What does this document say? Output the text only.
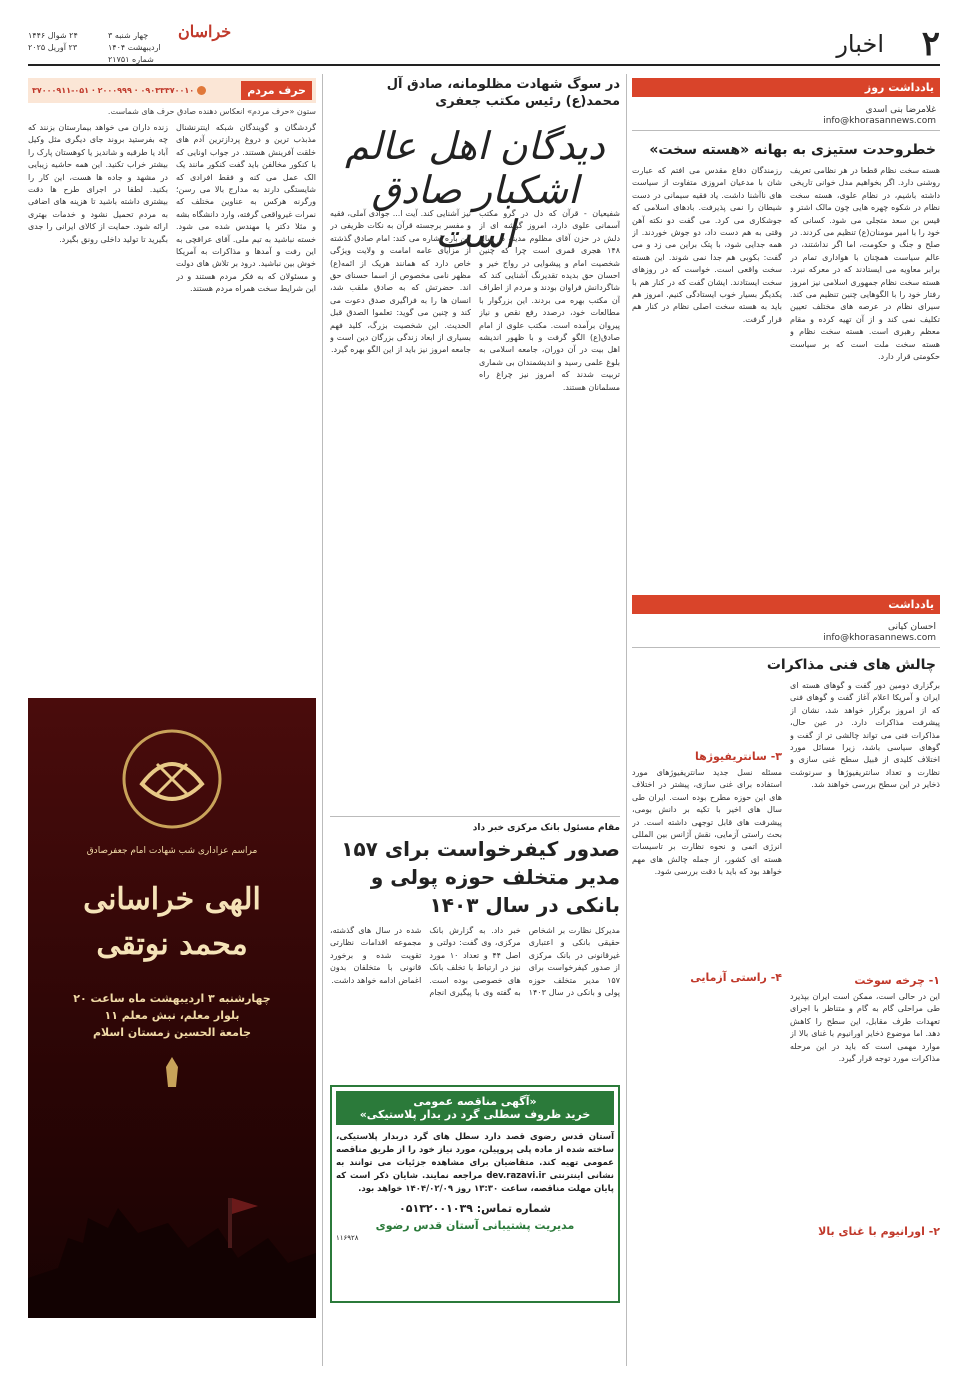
۲
اخبار
خراسان
چهار شنبه ۳ اردیبهشت ۱۴۰۴
شماره ۲۱۷۵۱
۲۴ شوال ۱۴۴۶
۲۳ آوریل ۲۰۲۵
یادداشت روز
غلامرضا بنی اسدی
info@khorasannews.com
خطروحدت ستیزی به بهانه «هسته سخت»
هسته سخت نظام قطعا در هر نظامی تعریف روشنی دارد. اگر بخواهیم مدل خوانی تاریخی داشته باشیم، در نظام علوی، هسته سخت نظام در شکوه چهره هایی چون مالک اشتر و قیس بن سعد متجلی می شود. کسانی که خود را با امیر مومنان(ع) تنظیم می کردند. در صلح و جنگ و حکومت، اما اگر نداشتند، در عالم سیاست همچنان با هواداری تمام در برابر معاویه می ایستادند که در معرکه نبرد. هسته سخت نظام جمهوری اسلامی نیز امروز رفتار خود را با الگوهایی چنین تنظیم می کند. سیرای نظام در عرصه های مختلف تعیین تکلیف نمی کند و از آن تهیه کرده و مقام معظم رهبری است. هسته سخت نظام و هسته سخت ملت است که بر سیاست حکومتی قرار دارد.
رزمندگان دفاع مقدس می افتم که عبارت شان با مدعیان امروزی متفاوت از سیاست های ناآشنا داشت. یاد فقیه سیمانی در دست شیطان را نمی پذیرفت. بادهای اسلامی که جوشکاری می کرد. می گفت دو نکته آهن وقتی به هم دست داد، دو جوش خوردند. از همه جدایی شود، با پتک براین می زد و می گفت: بکوبی هم جدا نمی شوند. این هسته سخت واقعی است. خواست که در روزهای سخت ایستادند. ایشان گفت که در کنار هم با یکدیگر بسیار خوب ایستادگی کنیم. امروز هم باید به هسته سخت اصلی نظام در کنار هم قرار گرفت.
یادداشت
احسان کیانی
info@khorasannews.com
چالش های فنی مذاکرات
برگزاری دومین دور گفت و گوهای هسته ای ایران و آمریکا اعلام آغاز گفت و گوهای فنی که از امروز برگزار خواهد شد، نشان از پیشرفت مذاکرات دارد. در عین حال، مذاکرات فنی می تواند چالشی تر از گفت و گوهای سیاسی باشد، زیرا مسائل مورد اختلاف کلیدی از قبیل سطح غنی سازی و نظارت و تعداد سانتریفیوژها و سرنوشت ذخایر در این سطح بررسی خواهند شد.
۱- چرخه سوخت
این در حالی است، ممکن است ایران بپذیرد طی مراحلی گام به گام و متناظر با اجرای تعهدات طرف مقابل، این سطح را کاهش دهد. اما موضوع ذخایر اورانیوم با غنای بالا از موارد مهمی است که باید در این مرحله مذاکرات مورد توجه قرار گیرد.
۲- اورانیوم با غنای بالا
۳- سانتریفیوژها
مسئله نسل جدید سانتریفیوژهای مورد استفاده برای غنی سازی، پیشتر در اختلاف های این حوزه مطرح بوده است. ایران طی سال های اخیر با تکیه بر دانش بومی، پیشرفت های قابل توجهی داشته است. در بحث راستی آزمایی، نقش آژانس بین المللی انرژی اتمی و نحوه نظارت بر تاسیسات هسته ای کشور، از جمله چالش های مهم خواهد بود که باید با دقت بررسی شود.
۴- راستی آزمایی
در سوگ شهادت مظلومانه، صادق آل محمد(ع) رئیس مکتب جعفری
دیدگان اهل عالم اشکبار صادق است
شفیعیان - قرآن که دل در گرو مکتب آسمانی علوی دارد، امروز گوشه ای از دلش در حزن آقای مظلوم مدینه در سال ۱۴۸ هجری قمری است چرا که چنین شخصیت امام و پیشوایی در رواج خیر و احسان حق بدیده تقدیرنگ آشنایی کند که شاگردانش فراوان بودند و مردم از اطراف آن مکتب بهره می بردند. این بزرگوار با مطالعات خود، درصدد رفع نقص و نیاز پیروان برآمده است. مکتب علوی از امام صادق(ع) الگو گرفت و با ظهور اندیشه اهل بیت در آن دوران، جامعه اسلامی به بلوغ علمی رسید و اندیشمندان بی شماری تربیت شدند که امروز نیز چراغ راه مسلمانان هستند.
نیز آشنایی کند. آیت ا... جوادی آملی، فقیه و مفسر برجسته قرآن به نکات ظریفی در این باره اشاره می کند: امام صادق گذشته از مزایای عامه امامت و ولایت ویژگی خاص دارد که همانند هریک از ائمه(ع) مظهر نامی مخصوص از اسما حسنای حق اند. حضرتش که به صادق ملقب شد، انسان ها را به فراگیری صدق دعوت می کند و چنین می گوید: تعلموا الصدق قبل الحدیث. این شخصیت بزرگ، کلید فهم بسیاری از ابعاد زندگی بزرگان دین است و جامعه امروز نیز باید از این الگو بهره گیرد.
مقام مسئول بانک مرکزی خبر داد
صدور کیفرخواست برای ۱۵۷ مدیر متخلف حوزه پولی و بانکی در سال ۱۴۰۳
مدیرکل نظارت بر اشخاص حقیقی بانکی و اعتباری غیرقانونی در بانک مرکزی از صدور کیفرخواست برای ۱۵۷ مدیر متخلف حوزه پولی و بانکی در سال ۱۴۰۳ خبر داد. به گزارش بانک مرکزی، وی گفت: دولتی و اصل ۴۴ و تعداد ۱۰ مورد نیز در ارتباط با تخلف بانک های خصوصی بوده است. به گفته وی با پیگیری انجام شده در سال های گذشته، مجموعه اقدامات نظارتی تقویت شده و برخورد قانونی با متخلفان بدون اغماض ادامه خواهد داشت.
«آگهی مناقصه عمومی
خرید ظروف سطلی گرد در بدار پلاستیکی»
آستان قدس رضوی قصد دارد سطل های گرد دربدار پلاستیکی، ساخته شده از ماده پلی پروپیلن، مورد نیاز خود را از طریق مناقصه عمومی تهیه کند. متقاضیان برای مشاهده جزئیات می توانند به نشانی اینترنتی dev.razavi.ir مراجعه نمایند. شایان ذکر است که پایان مهلت مناقصه، ساعت ۱۳:۳۰ روز ۱۴۰۴/۰۲/۰۹ خواهد بود.
شماره تماس: ۰۵۱۳۲۰۰۱۰۳۹
مدیریت پشتیبانی آستان قدس رضوی
۱۱۶۹۲۸
حرف مردم
۰۹۰۳۳۳۷۰۰۱۰ · ۲۰۰۰۹۹۹ · ۳۷۰۰۰۹۱۱-۰۵۱
ستون «حرف مردم» انعکاس دهنده صادق حرف های شماست.
گردشگان و گویندگان شبکه اینترنشنال مذبذب ترین و دروغ پردازترین آدم های خلقت آفرینش هستند. در جواب اونایی که با کنکور مخالفن باید گفت کنکور مانند یک الک عمل می کنه و فقط افرادی که شایستگی دارند به مدارج بالا می رسن؛ ورگرنه هرکس به عناوین مختلف که نمرات غیرواقعی گرفته، وارد دانشگاه بشه و مثلا دکتر یا مهندس شده می شود. خسته نباشید به تیم ملی. آقای عراقچی به این رفت و آمدها و مذاکرات به آمریکا خوش بین نباشید. درود بر تلاش های دولت و مسئولان که به فکر مردم هستند و در این شرایط سخت همراه مردم هستند.
زنده داران می خواهد بیمارستان بزنند که چه بفرستید بروند جای دیگری مثل وکیل آباد یا طرقبه و شاندیز یا کوهستان پارک را بیشتر خراب تکنید. این همه حاشیه زیبایی در مشهد و جاده ها هست، این کار را بکنید. لطفا در اجرای طرح ها دقت بیشتری داشته باشید تا هزینه های اضافی به مردم تحمیل نشود و خدمات بهتری ارائه شود. حمایت از کالای ایرانی را جدی بگیرید تا تولید داخلی رونق بگیرد.
مراسم عزاداری شب شهادت امام جعفرصادق
الهی خراسانی
محمد نوتقی
چهارشنبه ۳ اردیبهشت ماه ساعت ۲۰
بلوار معلم، نبش معلم ۱۱
جامعة الحسین زمستان اسلام
